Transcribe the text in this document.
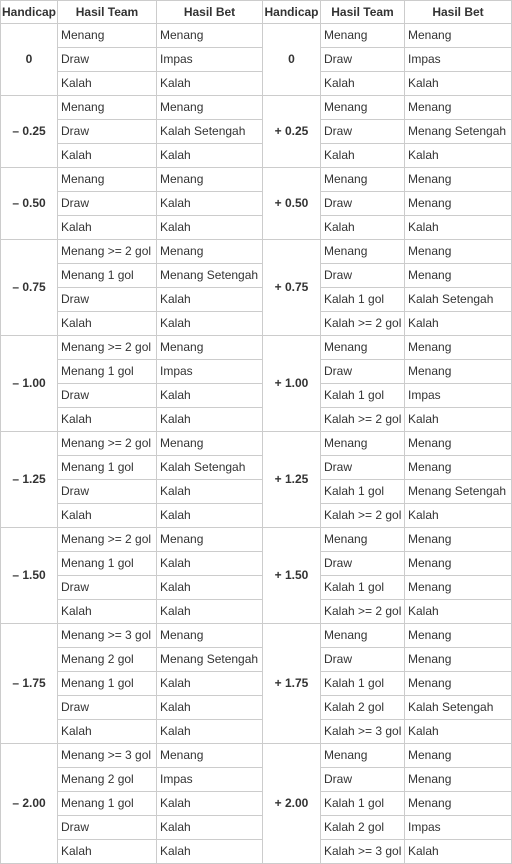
Handicap	Hasil Team	Hasil Bet	Handicap	Hasil Team	Hasil Bet
0	Menang	Menang	0	Menang	Menang
	Draw	Impas		Draw	Impas
	Kalah	Kalah		Kalah	Kalah
– 0.25	Menang	Menang	+ 0.25	Menang	Menang
	Draw	Kalah Setengah		Draw	Menang Setengah
	Kalah	Kalah		Kalah	Kalah
– 0.50	Menang	Menang	+ 0.50	Menang	Menang
	Draw	Kalah		Draw	Menang
	Kalah	Kalah		Kalah	Kalah
– 0.75	Menang >= 2 gol	Menang	+ 0.75	Menang	Menang
	Menang 1 gol	Menang Setengah		Draw	Menang
	Draw	Kalah		Kalah 1 gol	Kalah Setengah
	Kalah	Kalah		Kalah >= 2 gol	Kalah
– 1.00	Menang >= 2 gol	Menang	+ 1.00	Menang	Menang
	Menang 1 gol	Impas		Draw	Menang
	Draw	Kalah		Kalah 1 gol	Impas
	Kalah	Kalah		Kalah >= 2 gol	Kalah
– 1.25	Menang >= 2 gol	Menang	+ 1.25	Menang	Menang
	Menang 1 gol	Kalah Setengah		Draw	Menang
	Draw	Kalah		Kalah 1 gol	Menang Setengah
	Kalah	Kalah		Kalah >= 2 gol	Kalah
– 1.50	Menang >= 2 gol	Menang	+ 1.50	Menang	Menang
	Menang 1 gol	Kalah		Draw	Menang
	Draw	Kalah		Kalah 1 gol	Menang
	Kalah	Kalah		Kalah >= 2 gol	Kalah
– 1.75	Menang >= 3 gol	Menang	+ 1.75	Menang	Menang
	Menang 2 gol	Menang Setengah		Draw	Menang
	Menang 1 gol	Kalah		Kalah 1 gol	Menang
	Draw	Kalah		Kalah 2 gol	Kalah Setengah
	Kalah	Kalah		Kalah >= 3 gol	Kalah
– 2.00	Menang >= 3 gol	Menang	+ 2.00	Menang	Menang
	Menang 2 gol	Impas		Draw	Menang
	Menang 1 gol	Kalah		Kalah 1 gol	Menang
	Draw	Kalah		Kalah 2 gol	Impas
	Kalah	Kalah		Kalah >= 3 gol	Kalah
